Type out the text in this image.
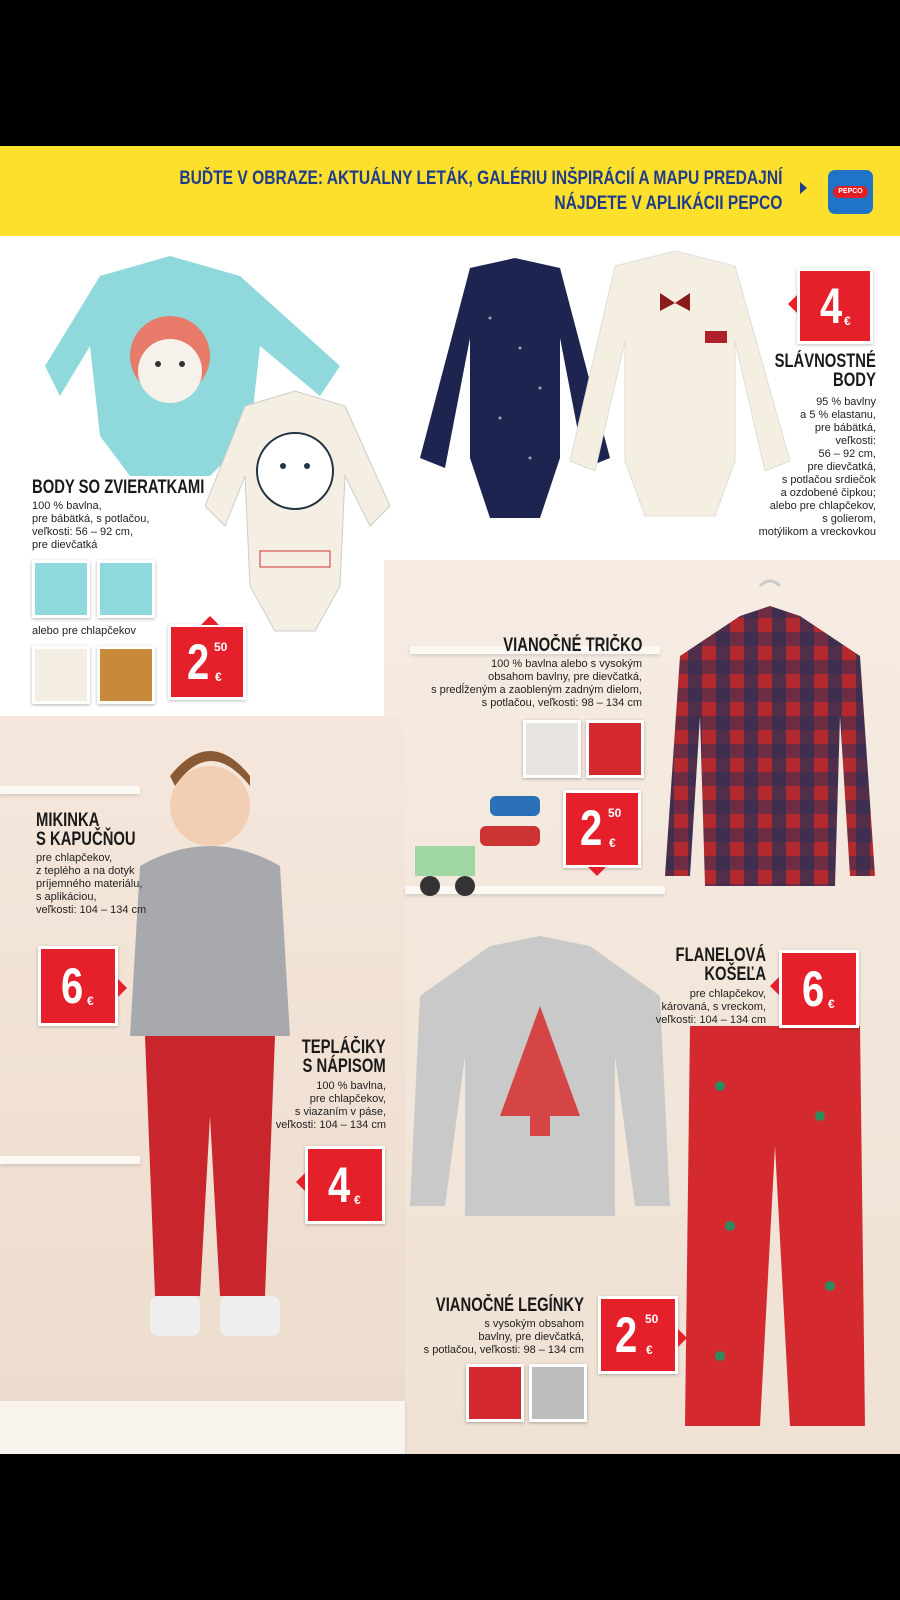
BUĎTE V OBRAZE: AKTUÁLNY LETÁK, GALÉRIU INŠPIRÁCIÍ A MAPU PREDAJNÍ
NÁJDETE V APLIKÁCII PEPCO
PEPCO
BODY SO ZVIERATKAMI
100 % bavlna,
pre bábätká, s potlačou,
veľkosti: 56 – 92 cm,
pre dievčatká
alebo pre chlapčekov
2 50
€
4 €
SLÁVNOSTNÉ
BODY
95 % bavlny
a 5 % elastanu,
pre bábätká,
veľkosti:
56 – 92 cm,
pre dievčatká,
s potlačou srdiečok
a ozdobené čipkou;
alebo pre chlapčekov,
s golierom,
motýlikom a vreckovkou
VIANOČNÉ TRIČKO
100 % bavlna alebo s vysokým
obsahom bavlny, pre dievčatká,
s predĺženým a zaobleným zadným dielom,
s potlačou, veľkosti: 98 – 134 cm
2 50
€
MIKINKA
S KAPUČŇOU
pre chlapčekov,
z teplého a na dotyk
príjemného materiálu,
s aplikáciou,
veľkosti: 104 – 134 cm
6 €
TEPLÁČIKY
S NÁPISOM
100 % bavlna,
pre chlapčekov,
s viazaním v páse,
veľkosti: 104 – 134 cm
4 €
FLANELOVÁ
KOŠEĽA
pre chlapčekov,
károvaná, s vreckom,
veľkosti: 104 – 134 cm
6 €
VIANOČNÉ LEGÍNKY
s vysokým obsahom
bavlny, pre dievčatká,
s potlačou, veľkosti: 98 – 134 cm 2 50
€
